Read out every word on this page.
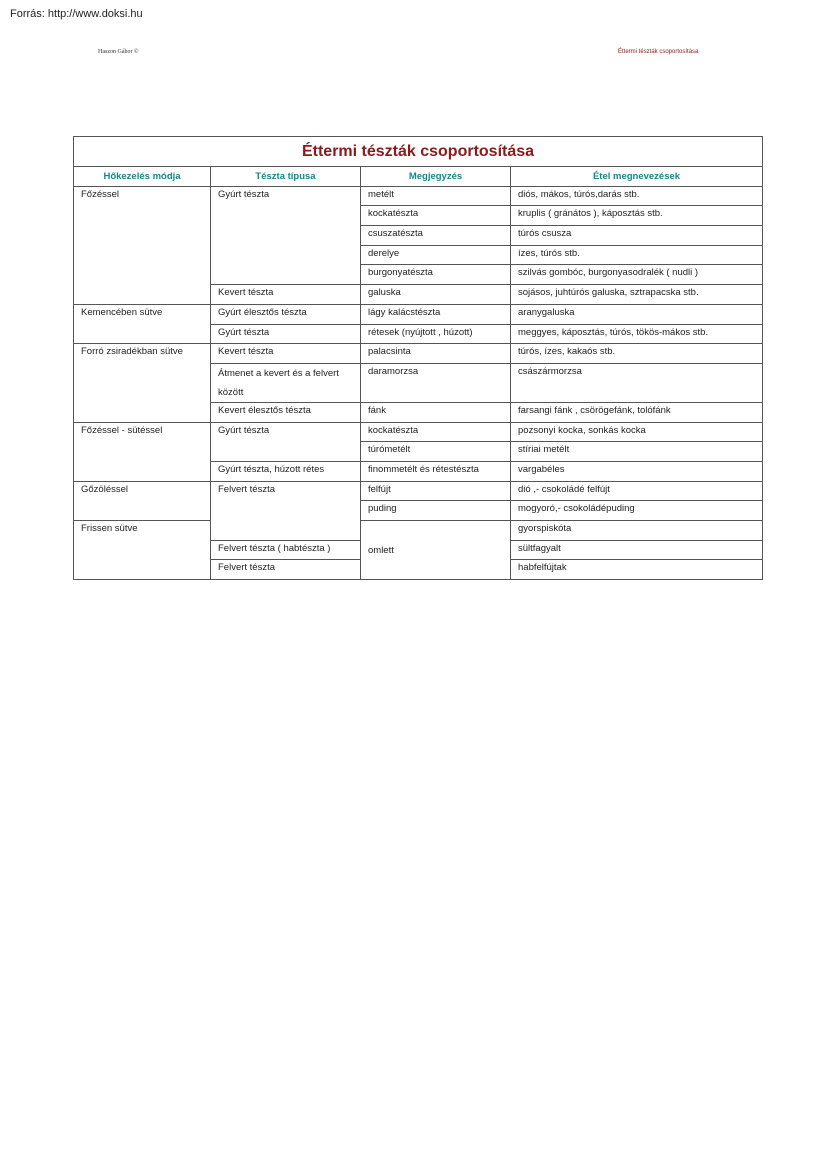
Forrás: http://www.doksi.hu
Haszon Gábor ©	Éttermi tészták csoportosítása
Éttermi tészták csoportosítása			
Hőkezelés módja	Tészta típusa	Megjegyzés	Étel megnevezések
Főzéssel	Gyúrt tészta	metélt	diós, mákos, túrós,darás stb.
		kockatészta	kruplis ( gránátos ), káposztás stb.
		csuszatészta	túrós csusza
		derelye	ízes, túrós stb.
		burgonyatészta	szilvás gombóc, burgonyasodralék ( nudli )
	Kevert tészta	galuska	sojásos, juhtúrós galuska, sztrapacska stb.
Kemencében sütve	Gyúrt élesztős tészta	lágy kalácstészta	aranygaluska
	Gyúrt tészta	rétesek (nyújtott , húzott)	meggyes, káposztás, túrós, tökös-mákos stb.
Forró zsiradékban sütve	Kevert tészta	palacsinta	túrós, ízes, kakaós stb.
	Átmenet a kevert és a felvert között	daramorzsa	császármorzsa
	Kevert élesztős tészta	fánk	farsangi fánk , csörögefánk, tolófánk
Főzéssel - sütéssel	Gyúrt tészta	kockatészta	pozsonyi kocka, sonkás kocka
		túrómetélt	stíriai metélt
	Gyúrt tészta, húzott rétes	finommetélt és rétestészta	vargabéles
Gőzöléssel	Felvert tészta	felfújt	dió ,- csokoládé felfújt
		puding	mogyoró,- csokoládépuding
Frissen sütve		omlett	gyorspiskóta
	Felvert tészta ( habtészta )		sültfagyalt
	Felvert tészta		habfelfújtak
